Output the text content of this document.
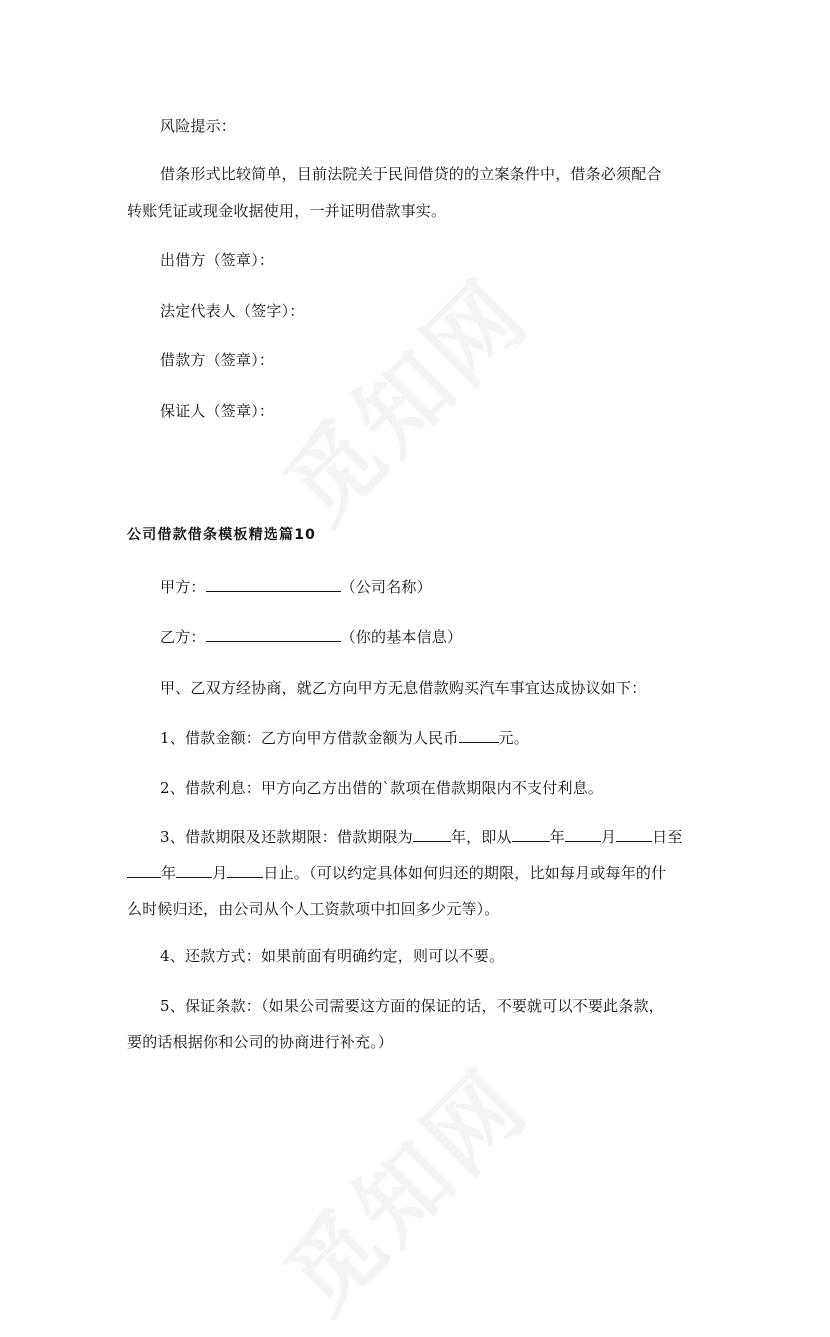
风险提示：
借条形式比较简单，目前法院关于民间借贷的的立案条件中，借条必须配合
转账凭证或现金收据使用，一并证明借款事实。
出借方（签章）：
法定代表人（签字）：
借款方（签章）：
保证人（签章）：
公司借款借条模板精选篇10
甲方：	（公司名称）
乙方：	（你的基本信息）
甲、乙双方经协商，就乙方向甲方无息借款购买汽车事宜达成协议如下：
1、借款金额：乙方向甲方借款金额为人民币	元。
2、借款利息：甲方向乙方出借的`款项在借款期限内不支付利息。
3、借款期限及还款期限：借款期限为	年，即从	年 月 日至
年 月 日止。（可以约定具体如何归还的期限，比如每月或每年的什
么时候归还，由公司从个人工资款项中扣回多少元等）。
4、还款方式：如果前面有明确约定，则可以不要。
5、保证条款：（如果公司需要这方面的保证的话，不要就可以不要此条款，
要的话根据你和公司的协商进行补充。）
